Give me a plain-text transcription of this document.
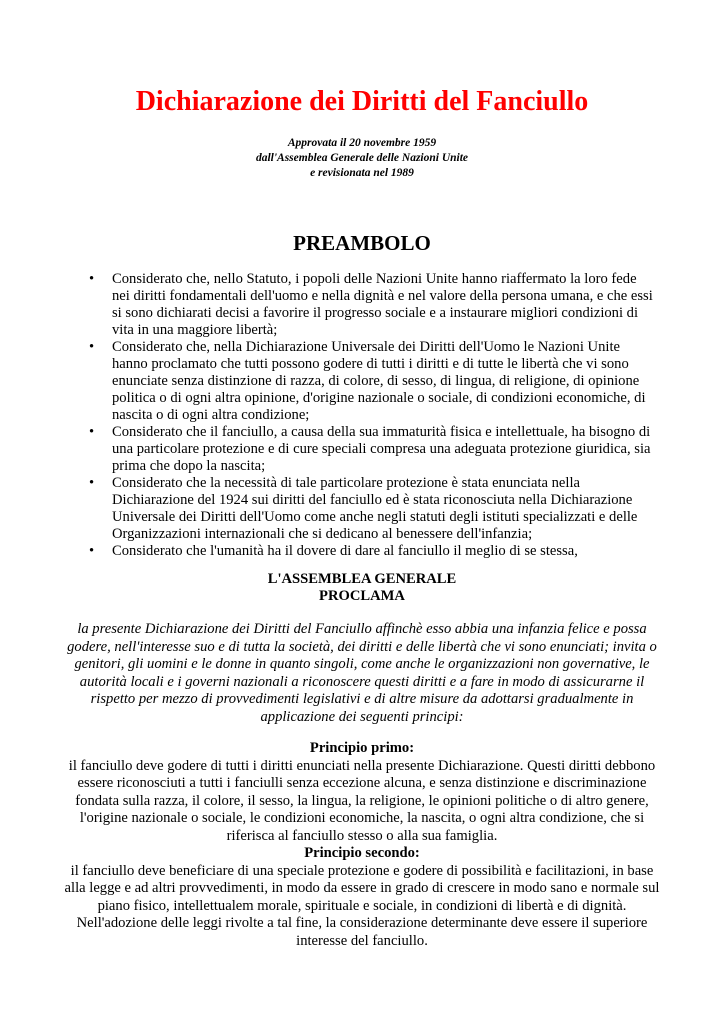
Dichiarazione dei Diritti del Fanciullo
Approvata il 20 novembre 1959
dall'Assemblea Generale delle Nazioni Unite
e revisionata nel 1989
PREAMBOLO
• Considerato che, nello Statuto, i popoli delle Nazioni Unite hanno riaffermato la loro fede nei diritti fondamentali dell'uomo e nella dignità e nel valore della persona umana, e che essi si sono dichiarati decisi a favorire il progresso sociale e a instaurare migliori condizioni di vita in una maggiore libertà;
• Considerato che, nella Dichiarazione Universale dei Diritti dell'Uomo le Nazioni Unite hanno proclamato che tutti possono godere di tutti i diritti e di tutte le libertà che vi sono enunciate senza distinzione di razza, di colore, di sesso, di lingua, di religione, di opinione politica o di ogni altra opinione, d'origine nazionale o sociale, di condizioni economiche, di nascita o di ogni altra condizione;
• Considerato che il fanciullo, a causa della sua immaturità fisica e intellettuale, ha bisogno di una particolare protezione e di cure speciali compresa una adeguata protezione giuridica, sia prima che dopo la nascita;
• Considerato che la necessità di tale particolare protezione è stata enunciata nella Dichiarazione del 1924 sui diritti del fanciullo ed è stata riconosciuta nella Dichiarazione Universale dei Diritti dell'Uomo come anche negli statuti degli istituti specializzati e delle Organizzazioni internazionali che si dedicano al benessere dell'infanzia;
• Considerato che l'umanità ha il dovere di dare al fanciullo il meglio di se stessa,
L'ASSEMBLEA GENERALE
PROCLAMA

la presente Dichiarazione dei Diritti del Fanciullo affinchè esso abbia una infanzia felice e possa godere, nell'interesse suo e di tutta la società, dei diritti e delle libertà che vi sono enunciati; invita o genitori, gli uomini e le donne in quanto singoli, come anche le organizzazioni non governative, le autorità locali e i governi nazionali a riconoscere questi diritti e a fare in modo di assicurarne il rispetto per mezzo di provvedimenti legislativi e di altre misure da adottarsi gradualmente in applicazione dei seguenti principi:

Principio primo:
il fanciullo deve godere di tutti i diritti enunciati nella presente Dichiarazione. Questi diritti debbono essere riconosciuti a tutti i fanciulli senza eccezione alcuna, e senza distinzione e discriminazione fondata sulla razza, il colore, il sesso, la lingua, la religione, le opinioni politiche o di altro genere, l'origine nazionale o sociale, le condizioni economiche, la nascita, o ogni altra condizione, che si riferisca al fanciullo stesso o alla sua famiglia.
Principio secondo:
il fanciullo deve beneficiare di una speciale protezione e godere di possibilità e facilitazioni, in base alla legge e ad altri provvedimenti, in modo da essere in grado di crescere in modo sano e normale sul piano fisico, intellettualem morale, spirituale e sociale, in condizioni di libertà e di dignità. Nell'adozione delle leggi rivolte a tal fine, la considerazione determinante deve essere il superiore interesse del fanciullo.
